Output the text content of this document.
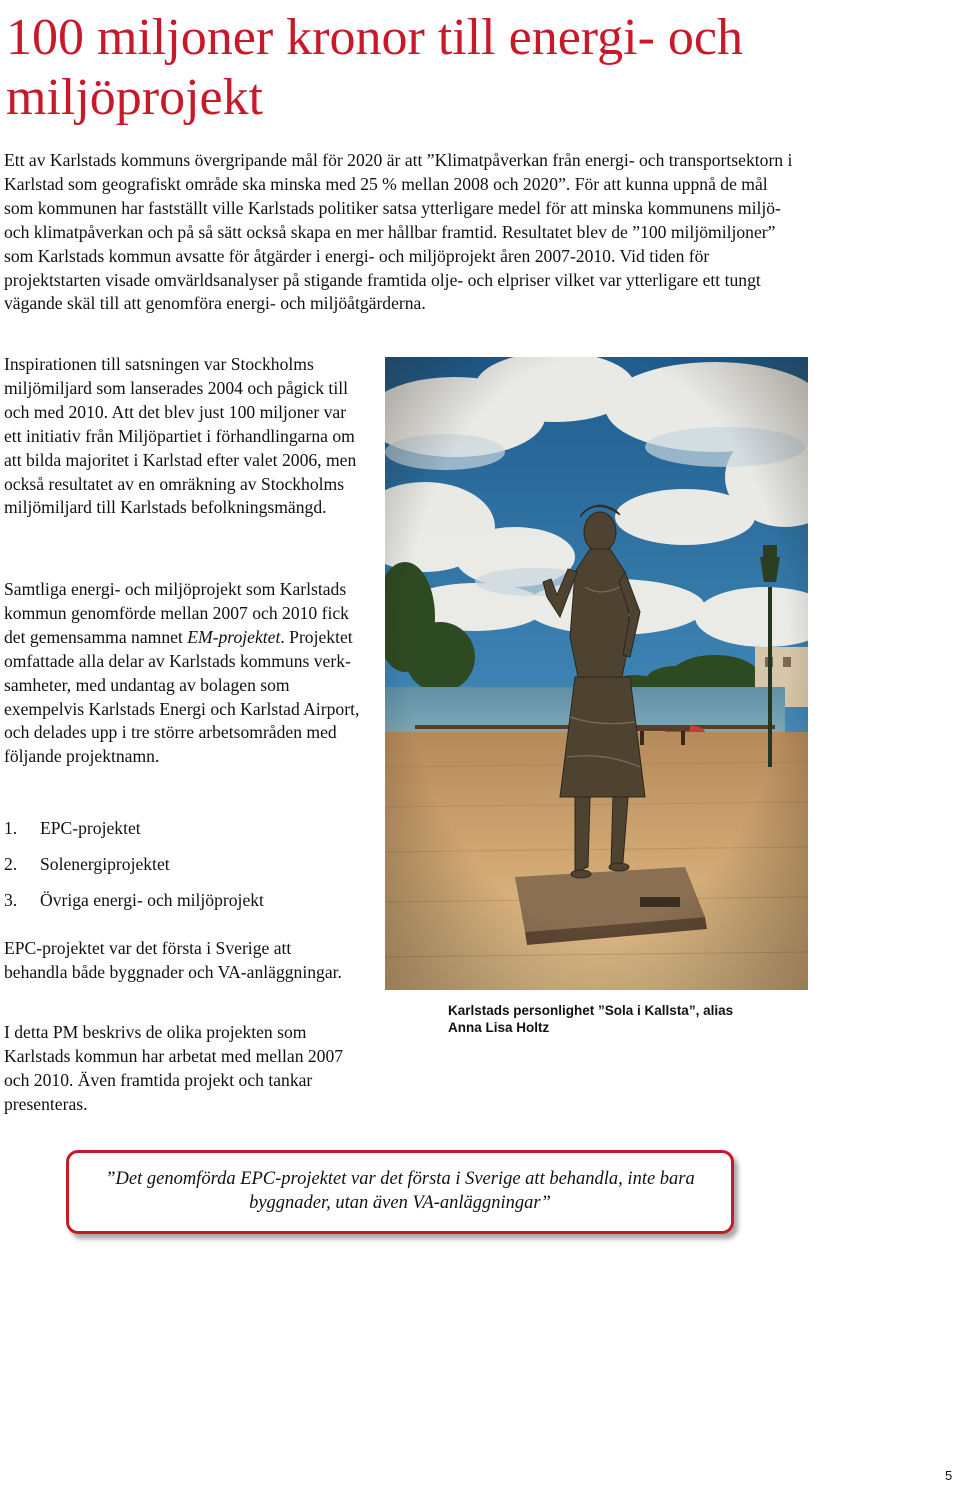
100 miljoner kronor till energi- och miljöprojekt

Ett av Karlstads kommuns övergripande mål för 2020 är att ”Klimatpåverkan från energi- och transportsektorn i Karlstad som geografiskt område ska minska med 25 % mellan 2008 och 2020”. För att kunna uppnå de mål som kommunen har fastställt ville Karlstads politiker satsa ytterligare medel för att minska kommunens miljö- och klimatpåverkan och på så sätt också skapa en mer hållbar framtid. Resultatet blev de ”100 miljömiljoner” som Karlstads kommun avsatte för åtgärder i energi- och miljöprojekt åren 2007-2010. Vid tiden för projektstarten visade omvärldsanalyser på stigande framtida olje- och elpriser vilket var ytterligare ett tungt vägande skäl till att genomföra energi- och miljöåtgärderna.

Inspirationen till satsningen var Stockholms miljömiljard som lanserades 2004 och pågick till och med 2010. Att det blev just 100 miljoner var ett initiativ från Miljöpartiet i förhandlingarna om att bilda majoritet i Karlstad efter valet 2006, men också resultatet av en omräkning av Stockholms miljömiljard till Karlstads befolkningsmängd.

Samtliga energi- och miljöprojekt som Karlstads kommun genomförde mellan 2007 och 2010 fick det gemensamma namnet EM-projektet. Projektet omfattade alla delar av Karlstads kommuns verk-samheter, med undantag av bolagen som exempelvis Karlstads Energi och Karlstad Airport, och delades upp i tre större arbetsområden med följande projektnamn.

1.	EPC-projektet
2.	Solenergiprojektet
3.	Övriga energi- och miljöprojekt

EPC-projektet var det första i Sverige att behandla både byggnader och VA-anläggningar.

I detta PM beskrivs de olika projekten som Karlstads kommun har arbetat med mellan 2007 och 2010. Även framtida projekt och tankar presenteras.

Karlstads personlighet ”Sola i Kallsta”, alias Anna Lisa Holtz

”Det genomförda EPC-projektet var det första i Sverige att behandla, inte bara byggnader, utan även VA-anläggningar”

5
